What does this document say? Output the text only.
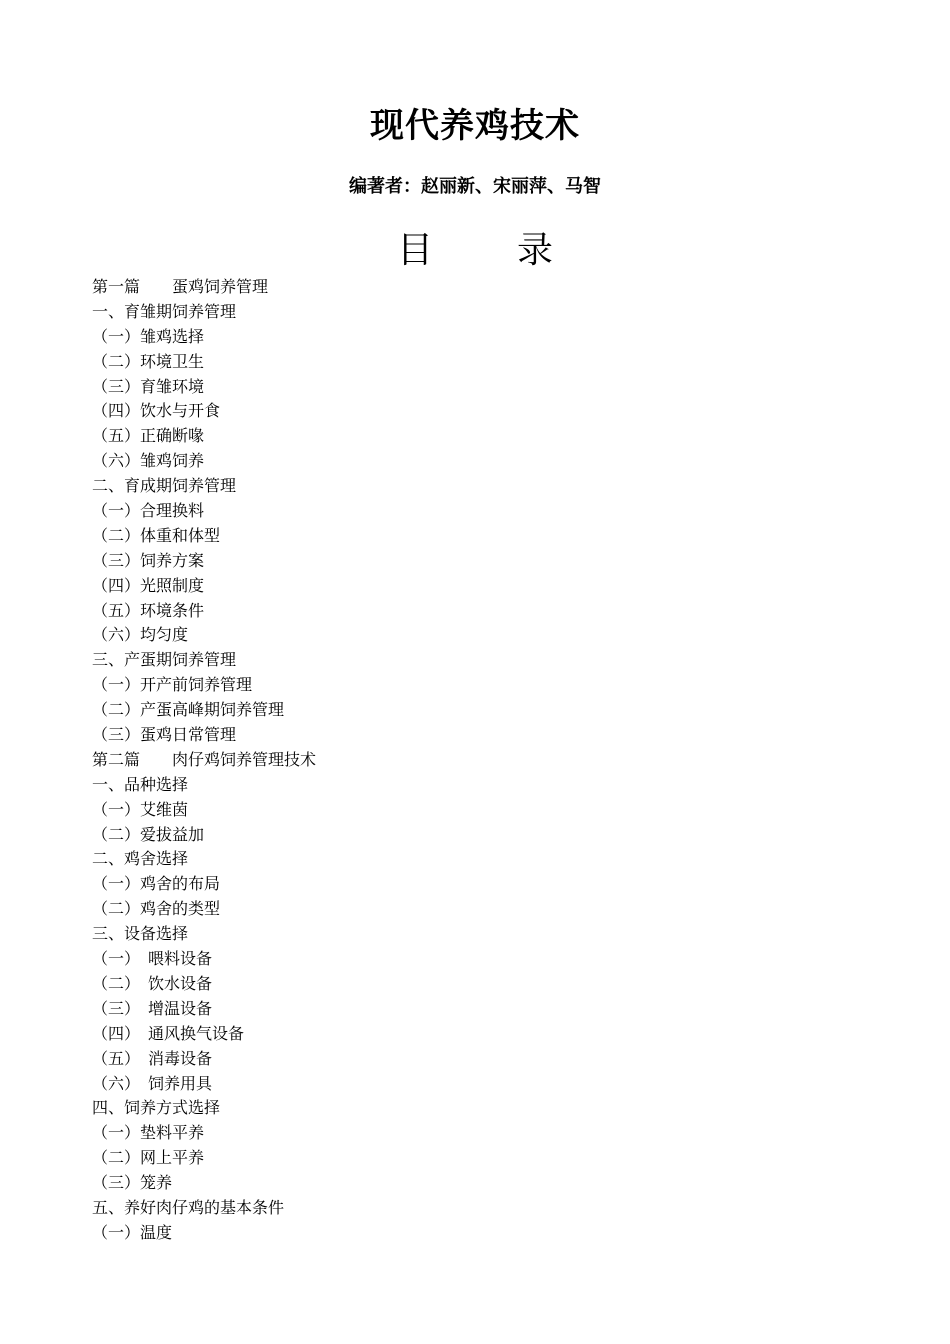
现代养鸡技术
编著者：赵丽新、宋丽萍、马智
目 录
第一篇　　蛋鸡饲养管理
一、育雏期饲养管理
（一）雏鸡选择
（二）环境卫生
（三）育雏环境
（四）饮水与开食
（五）正确断喙
（六）雏鸡饲养
二、育成期饲养管理
（一）合理换料
（二）体重和体型
（三）饲养方案
（四）光照制度
（五）环境条件
（六）均匀度
三、产蛋期饲养管理
（一）开产前饲养管理
（二）产蛋高峰期饲养管理
（三）蛋鸡日常管理
第二篇　　肉仔鸡饲养管理技术
一、品种选择
（一）艾维茵
（二）爱拔益加
二、鸡舍选择
（一）鸡舍的布局
（二）鸡舍的类型
三、设备选择
（一）　喂料设备
（二）　饮水设备
（三）　增温设备
（四）　通风换气设备
（五）　消毒设备
（六）　饲养用具
四、饲养方式选择
（一）垫料平养
（二）网上平养
（三）笼养
五、养好肉仔鸡的基本条件
（一）温度
